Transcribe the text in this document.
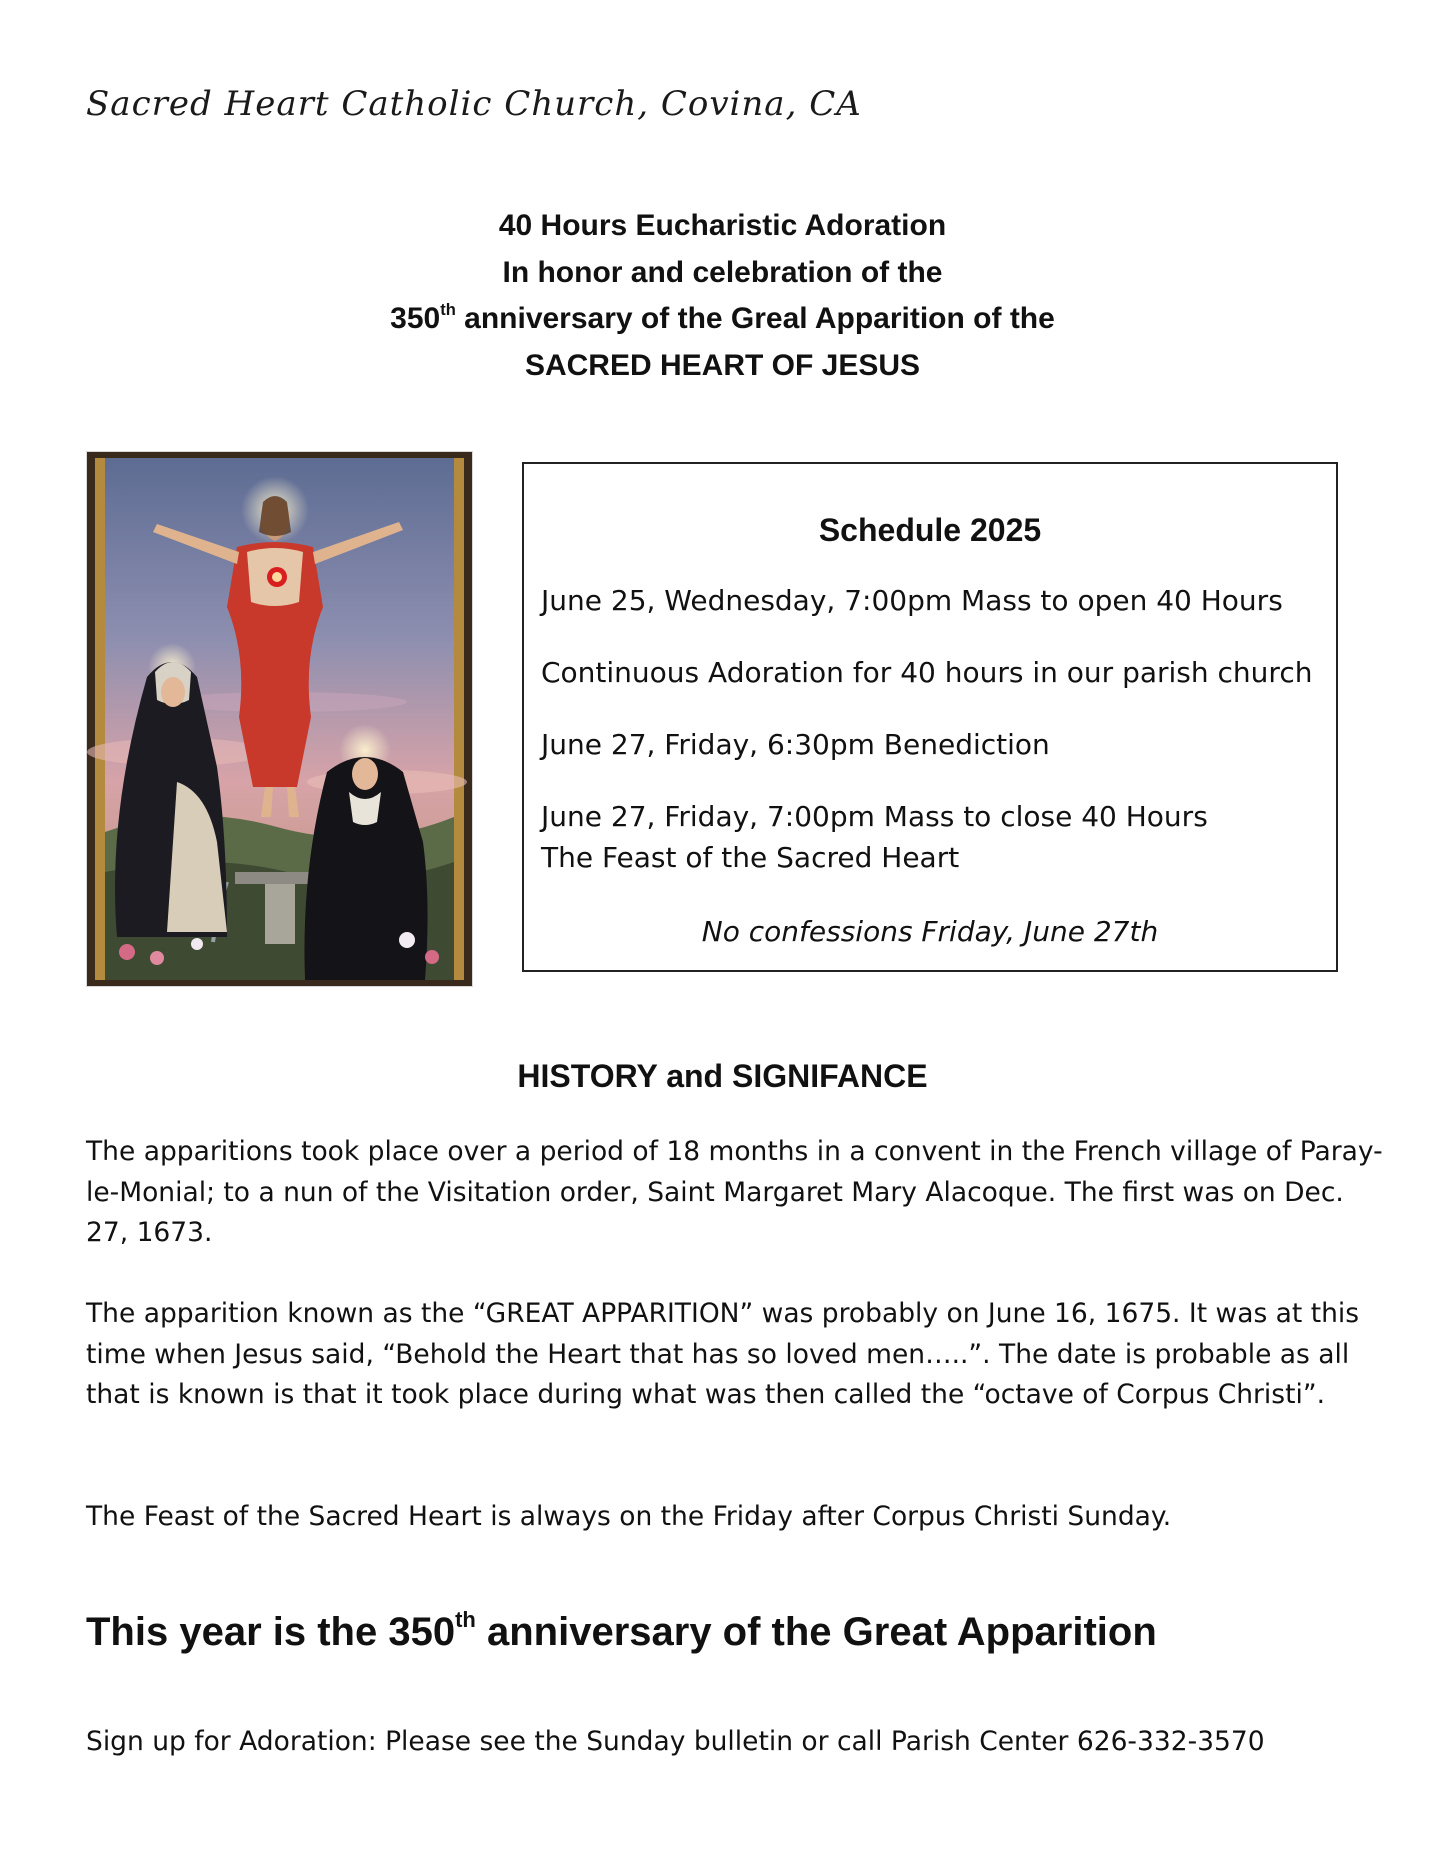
Sacred Heart Catholic Church, Covina, CA
40 Hours Eucharistic Adoration
In honor and celebration of the
350th anniversary of the Greal Apparition of the
SACRED HEART OF JESUS
Schedule 2025
June 25, Wednesday, 7:00pm Mass to open 40 Hours
Continuous Adoration for 40 hours in our parish church
June 27, Friday, 6:30pm Benediction
June 27, Friday, 7:00pm Mass to close 40 Hours
The Feast of the Sacred Heart
No confessions Friday, June 27th
HISTORY and SIGNIFANCE
The apparitions took place over a period of 18 months in a convent in the French village of Paray-le-Monial; to a nun of the Visitation order, Saint Margaret Mary Alacoque. The first was on Dec. 27, 1673.
The apparition known as the “GREAT APPARITION” was probably on June 16, 1675. It was at this time when Jesus said, “Behold the Heart that has so loved men…..”. The date is probable as all that is known is that it took place during what was then called the “octave of Corpus Christi”.
The Feast of the Sacred Heart is always on the Friday after Corpus Christi Sunday.
This year is the 350th anniversary of the Great Apparition
Sign up for Adoration: Please see the Sunday bulletin or call Parish Center 626-332-3570
